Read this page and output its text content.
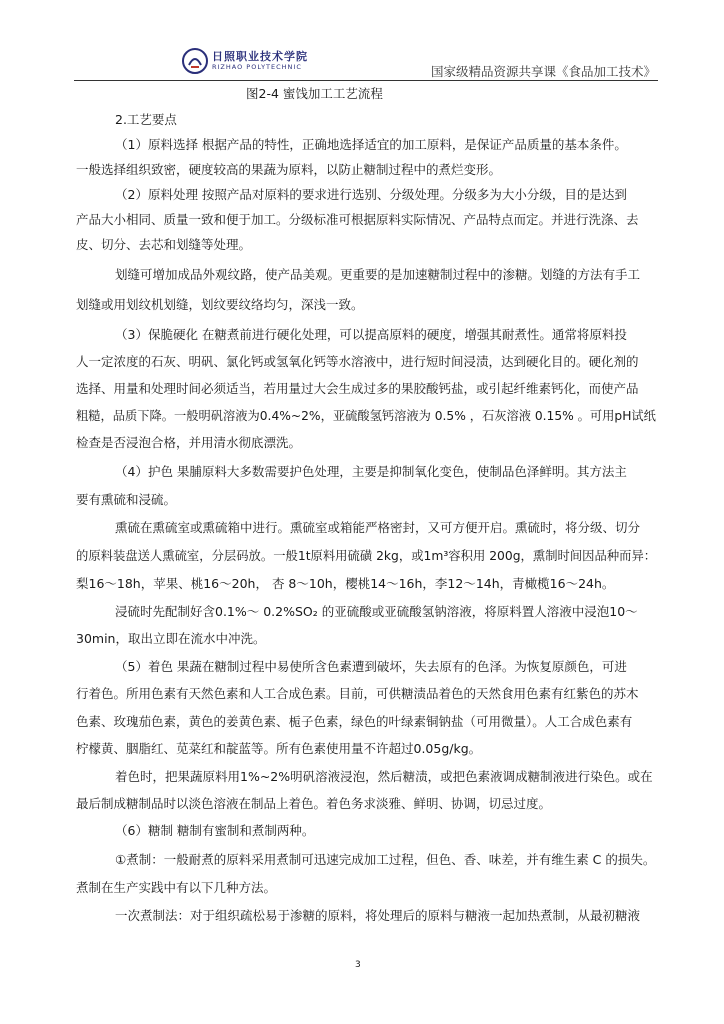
日照职业技术学院
RIZHAO POLYTECHNIC	国家级精品资源共享课《食品加工技术》
图2-4 蜜饯加工工艺流程
2.工艺要点
（1）原料选择 根据产品的特性，正确地选择适宜的加工原料，是保证产品质量的基本条件。
一般选择组织致密，硬度较高的果蔬为原料，以防止糖制过程中的煮烂变形。
（2）原料处理 按照产品对原料的要求进行选别、分级处理。分级多为大小分级，目的是达到
产品大小相同、质量一致和便于加工。分级标准可根据原料实际情况、产品特点而定。并进行洗涤、去
皮、切分、去芯和划缝等处理。
划缝可增加成品外观纹路，使产品美观。更重要的是加速糖制过程中的渗糖。划缝的方法有手工
划缝或用划纹机划缝，划纹要纹络均匀，深浅一致。
（3）保脆硬化 在糖煮前进行硬化处理，可以提高原料的硬度，增强其耐煮性。通常将原料投
人一定浓度的石灰、明矾、氯化钙或氢氧化钙等水溶液中，进行短时间浸渍，达到硬化目的。硬化剂的
选择、用量和处理时间必须适当，若用量过大会生成过多的果胶酸钙盐，或引起纤维素钙化，而使产品
粗糙，品质下降。一般明矾溶液为0.4%~2%，亚硫酸氢钙溶液为 0.5% ，石灰溶液 0.15% 。可用pH试纸
检查是否浸泡合格，并用清水彻底漂洗。
（4）护色 果脯原料大多数需要护色处理，主要是抑制氧化变色，使制品色泽鲜明。其方法主
要有熏硫和浸硫。
熏硫在熏硫室或熏硫箱中进行。熏硫室或箱能严格密封，又可方便开启。熏硫时，将分级、切分
的原料装盘送人熏硫室，分层码放。一般1t原料用硫磺 2kg，或1m³容积用 200g，熏制时间因品种而异：
梨16～18h，苹果、桃16～20h， 杏 8～10h，樱桃14～16h，李12～14h，青橄榄16～24h。
浸硫时先配制好含0.1%～ 0.2%SO₂ 的亚硫酸或亚硫酸氢钠溶液，将原料置人溶液中浸泡10～
30min，取出立即在流水中冲洗。
（5）着色 果蔬在糖制过程中易使所含色素遭到破坏，失去原有的色泽。为恢复原颜色，可进
行着色。所用色素有天然色素和人工合成色素。目前，可供糖渍品着色的天然食用色素有红紫色的苏木
色素、玫瑰茄色素，黄色的姜黄色素、栀子色素，绿色的叶绿素铜钠盐（可用微量）。人工合成色素有
柠檬黄、胭脂红、苋菜红和靛蓝等。所有色素使用量不许超过0.05g/kg。
着色时，把果蔬原料用1%~2%明矾溶液浸泡，然后糖渍，或把色素液调成糖制液进行染色。或在
最后制成糖制品时以淡色溶液在制品上着色。着色务求淡雅、鲜明、协调，切忌过度。
（6）糖制 糖制有蜜制和煮制两种。
①煮制：一般耐煮的原料采用煮制可迅速完成加工过程，但色、香、味差，并有维生素 C 的损失。
煮制在生产实践中有以下几种方法。
一次煮制法：对于组织疏松易于渗糖的原料，将处理后的原料与糖液一起加热煮制，从最初糖液
3
